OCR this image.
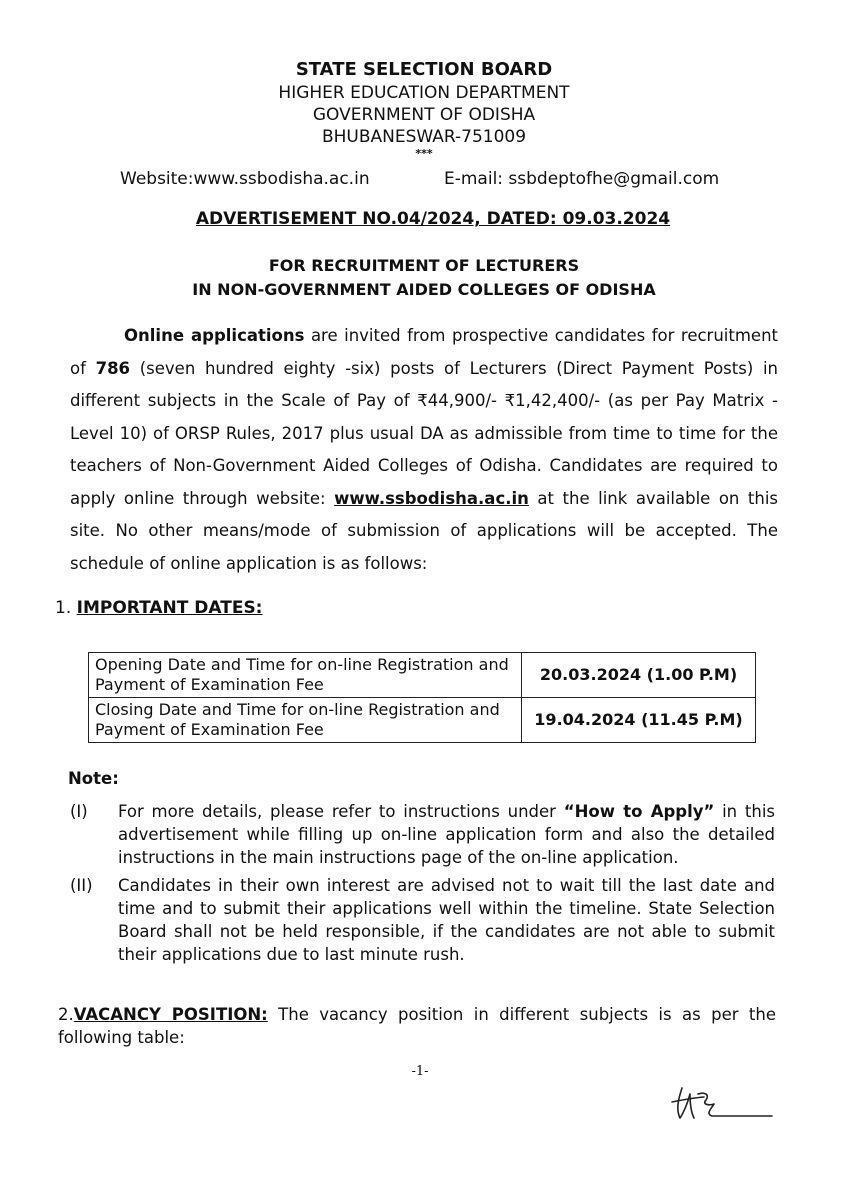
STATE SELECTION BOARD
HIGHER EDUCATION DEPARTMENT
GOVERNMENT OF ODISHA
BHUBANESWAR-751009
***
Website:www.ssbodisha.ac.in	E-mail: ssbdeptofhe@gmail.com
ADVERTISEMENT NO.04/2024, DATED: 09.03.2024
FOR RECRUITMENT OF LECTURERS
IN NON-GOVERNMENT AIDED COLLEGES OF ODISHA
Online applications are invited from prospective candidates for recruitment of 786 (seven hundred eighty -six) posts of Lecturers (Direct Payment Posts) in different subjects in the Scale of Pay of ₹44,900/- ₹1,42,400/- (as per Pay Matrix -Level 10) of ORSP Rules, 2017 plus usual DA as admissible from time to time for the teachers of Non-Government Aided Colleges of Odisha. Candidates are required to apply online through website: www.ssbodisha.ac.in at the link available on this site. No other means/mode of submission of applications will be accepted. The schedule of online application is as follows:
1. IMPORTANT DATES:
Opening Date and Time for on-line Registration and Payment of Examination Fee	20.03.2024 (1.00 P.M)
Closing Date and Time for on-line Registration and Payment of Examination Fee	19.04.2024 (11.45 P.M)
Note:
(I)	For more details, please refer to instructions under “How to Apply” in this advertisement while filling up on-line application form and also the detailed instructions in the main instructions page of the on-line application.
(II)	Candidates in their own interest are advised not to wait till the last date and time and to submit their applications well within the timeline. State Selection Board shall not be held responsible, if the candidates are not able to submit their applications due to last minute rush.
2.VACANCY POSITION: The vacancy position in different subjects is as per the following table:
-1-
